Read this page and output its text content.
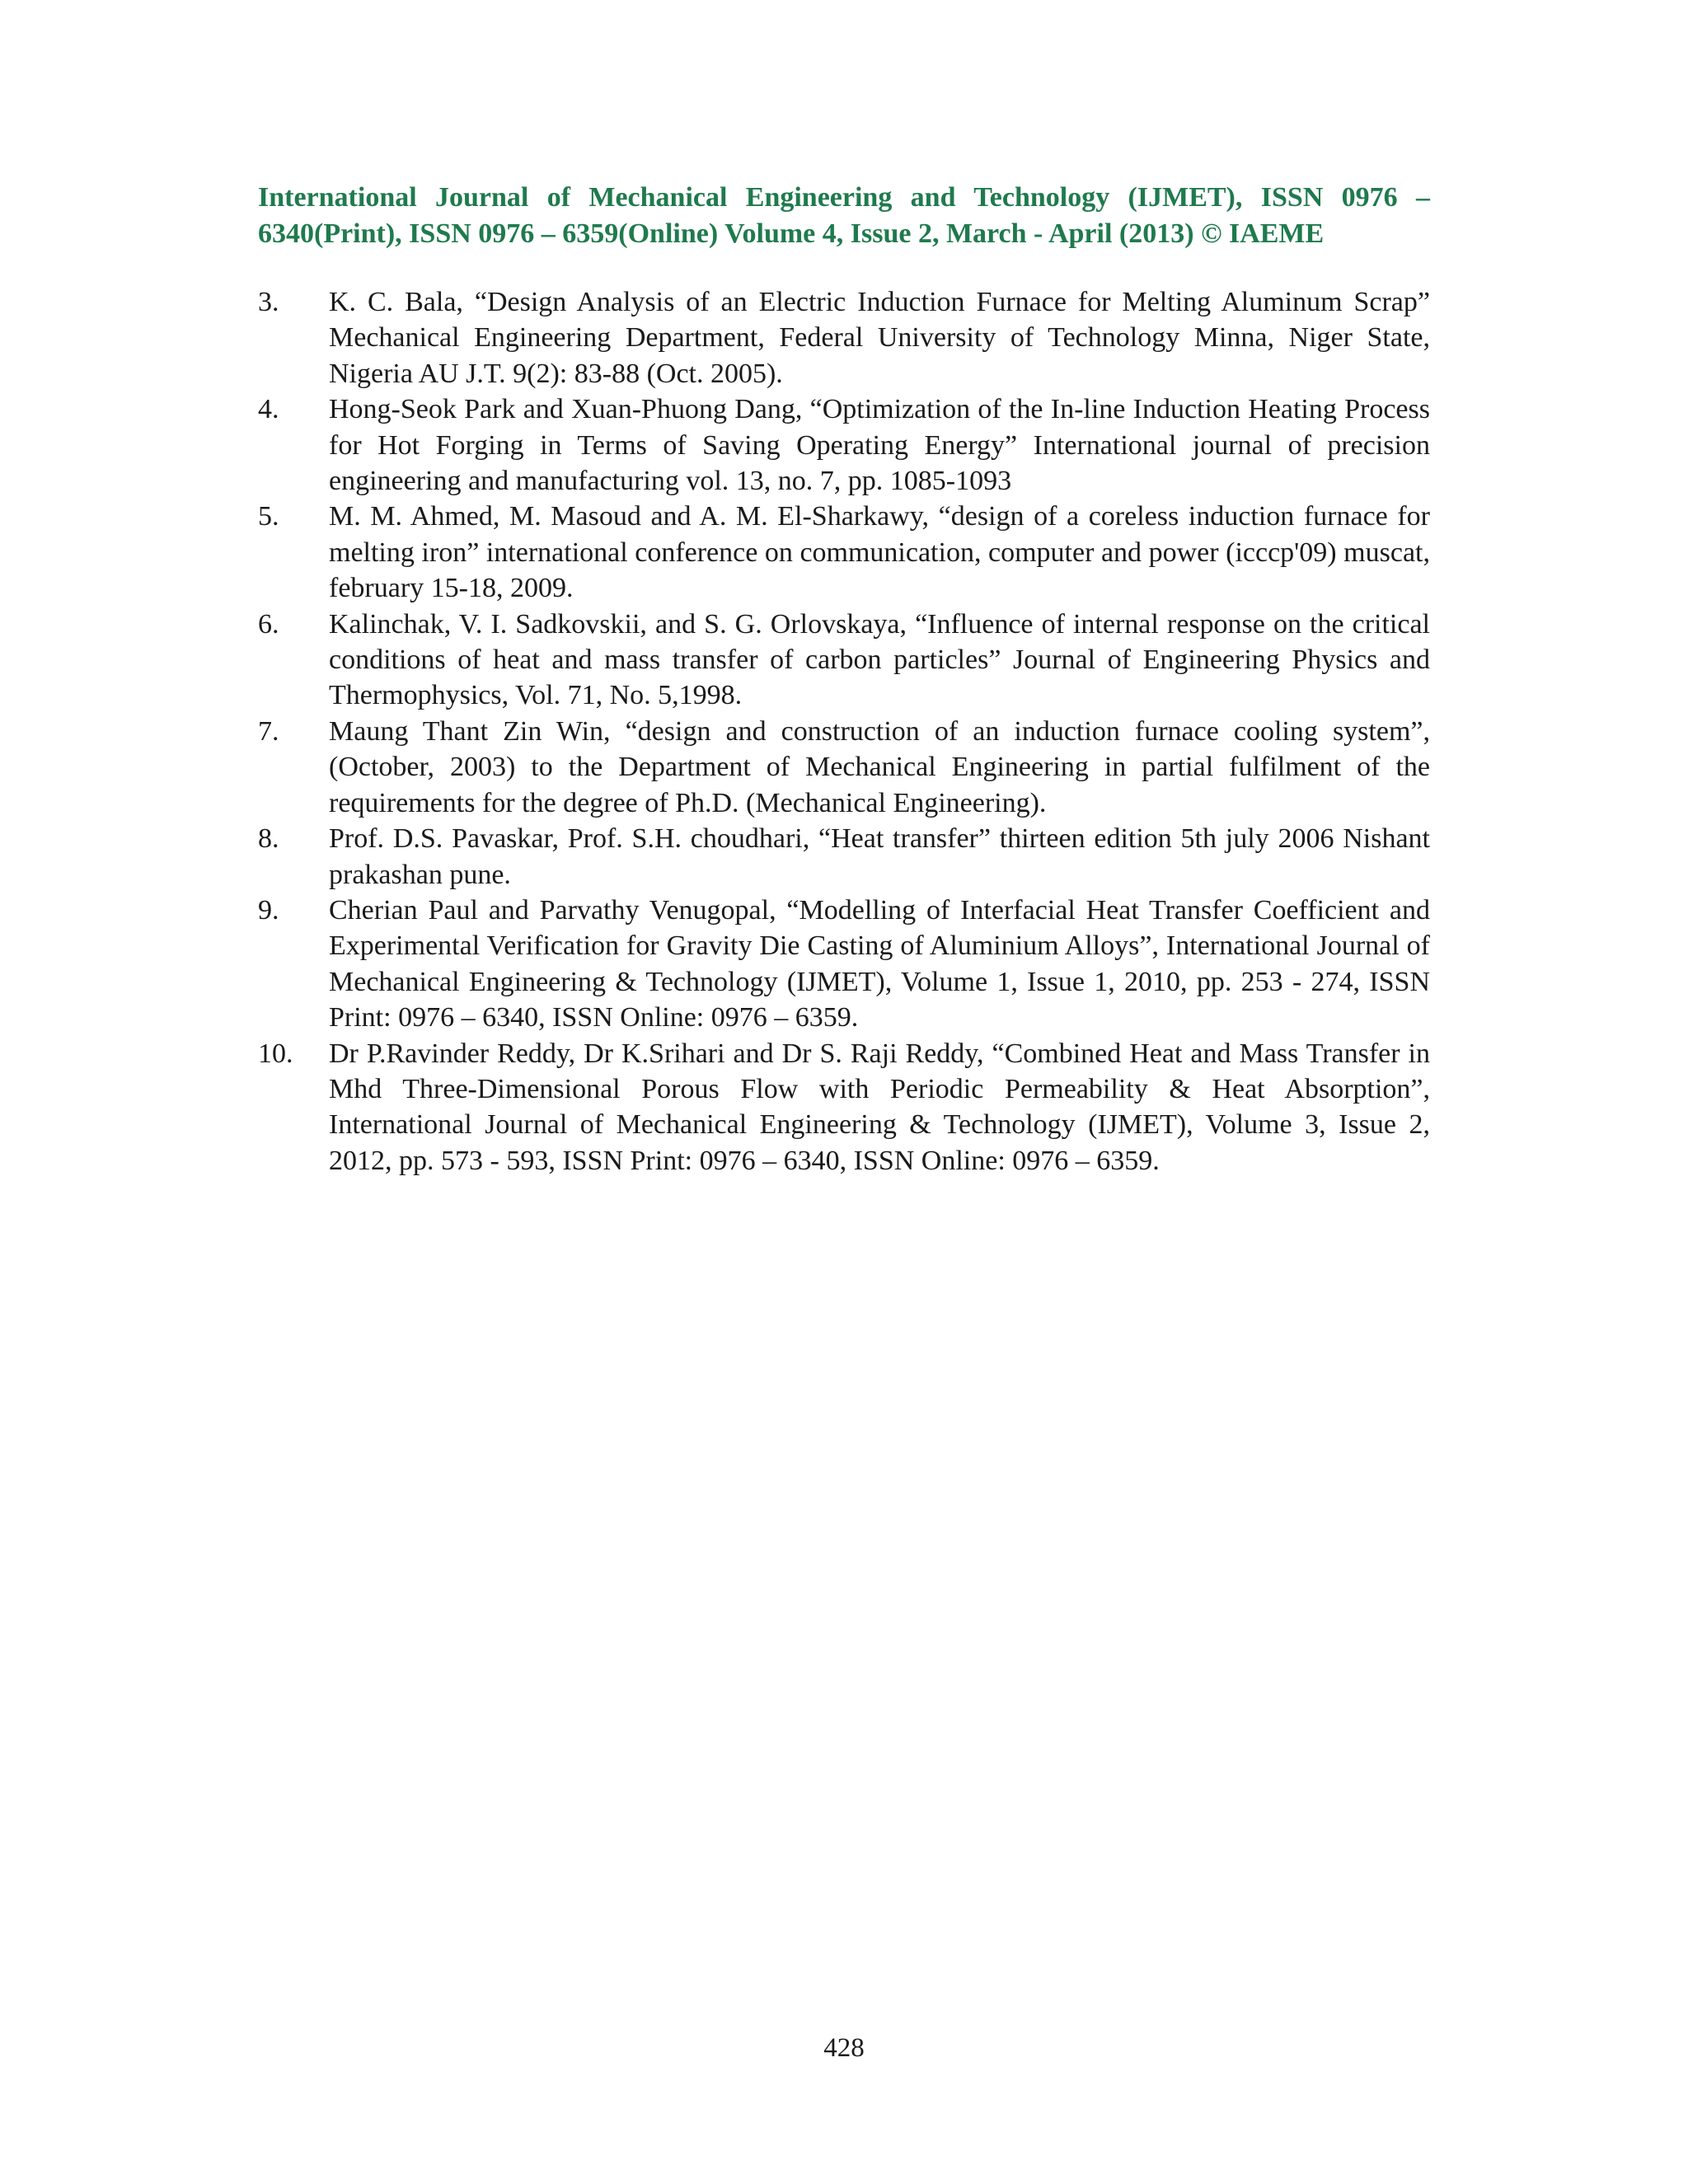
International Journal of Mechanical Engineering and Technology (IJMET), ISSN 0976 – 6340(Print), ISSN 0976 – 6359(Online) Volume 4, Issue 2, March - April (2013) © IAEME
3.	K. C. Bala, “Design Analysis of an Electric Induction Furnace for Melting Aluminum Scrap” Mechanical Engineering Department, Federal University of Technology Minna, Niger State, Nigeria AU J.T. 9(2): 83-88 (Oct. 2005).
4.	Hong-Seok Park and Xuan-Phuong Dang, “Optimization of the In-line Induction Heating Process for Hot Forging in Terms of Saving Operating Energy” International journal of precision engineering and manufacturing vol. 13, no. 7, pp. 1085-1093
5.	M. M. Ahmed, M. Masoud and A. M. El-Sharkawy, “design of a coreless induction furnace for melting iron” international conference on communication, computer and power (icccp'09) muscat, february 15-18, 2009.
6.	Kalinchak, V. I. Sadkovskii, and S. G. Orlovskaya, “Influence of internal response on the critical conditions of heat and mass transfer of carbon particles” Journal of Engineering Physics and Thermophysics, Vol. 71, No. 5,1998.
7.	Maung Thant Zin Win, “design and construction of an induction furnace cooling system”, (October, 2003) to the Department of Mechanical Engineering in partial fulfilment of the requirements for the degree of Ph.D. (Mechanical Engineering).
8.	Prof. D.S. Pavaskar, Prof. S.H. choudhari, “Heat transfer” thirteen edition 5th july 2006 Nishant prakashan pune.
9.	Cherian Paul and Parvathy Venugopal, “Modelling of Interfacial Heat Transfer Coefficient and Experimental Verification for Gravity Die Casting of Aluminium Alloys”, International Journal of Mechanical Engineering & Technology (IJMET), Volume 1, Issue 1, 2010, pp. 253 - 274, ISSN Print: 0976 – 6340, ISSN Online: 0976 – 6359.
10.	Dr P.Ravinder Reddy, Dr K.Srihari and Dr S. Raji Reddy, “Combined Heat and Mass Transfer in Mhd Three-Dimensional Porous Flow with Periodic Permeability & Heat Absorption”, International Journal of Mechanical Engineering & Technology (IJMET), Volume 3, Issue 2, 2012, pp. 573 - 593, ISSN Print: 0976 – 6340, ISSN Online: 0976 – 6359.
428
